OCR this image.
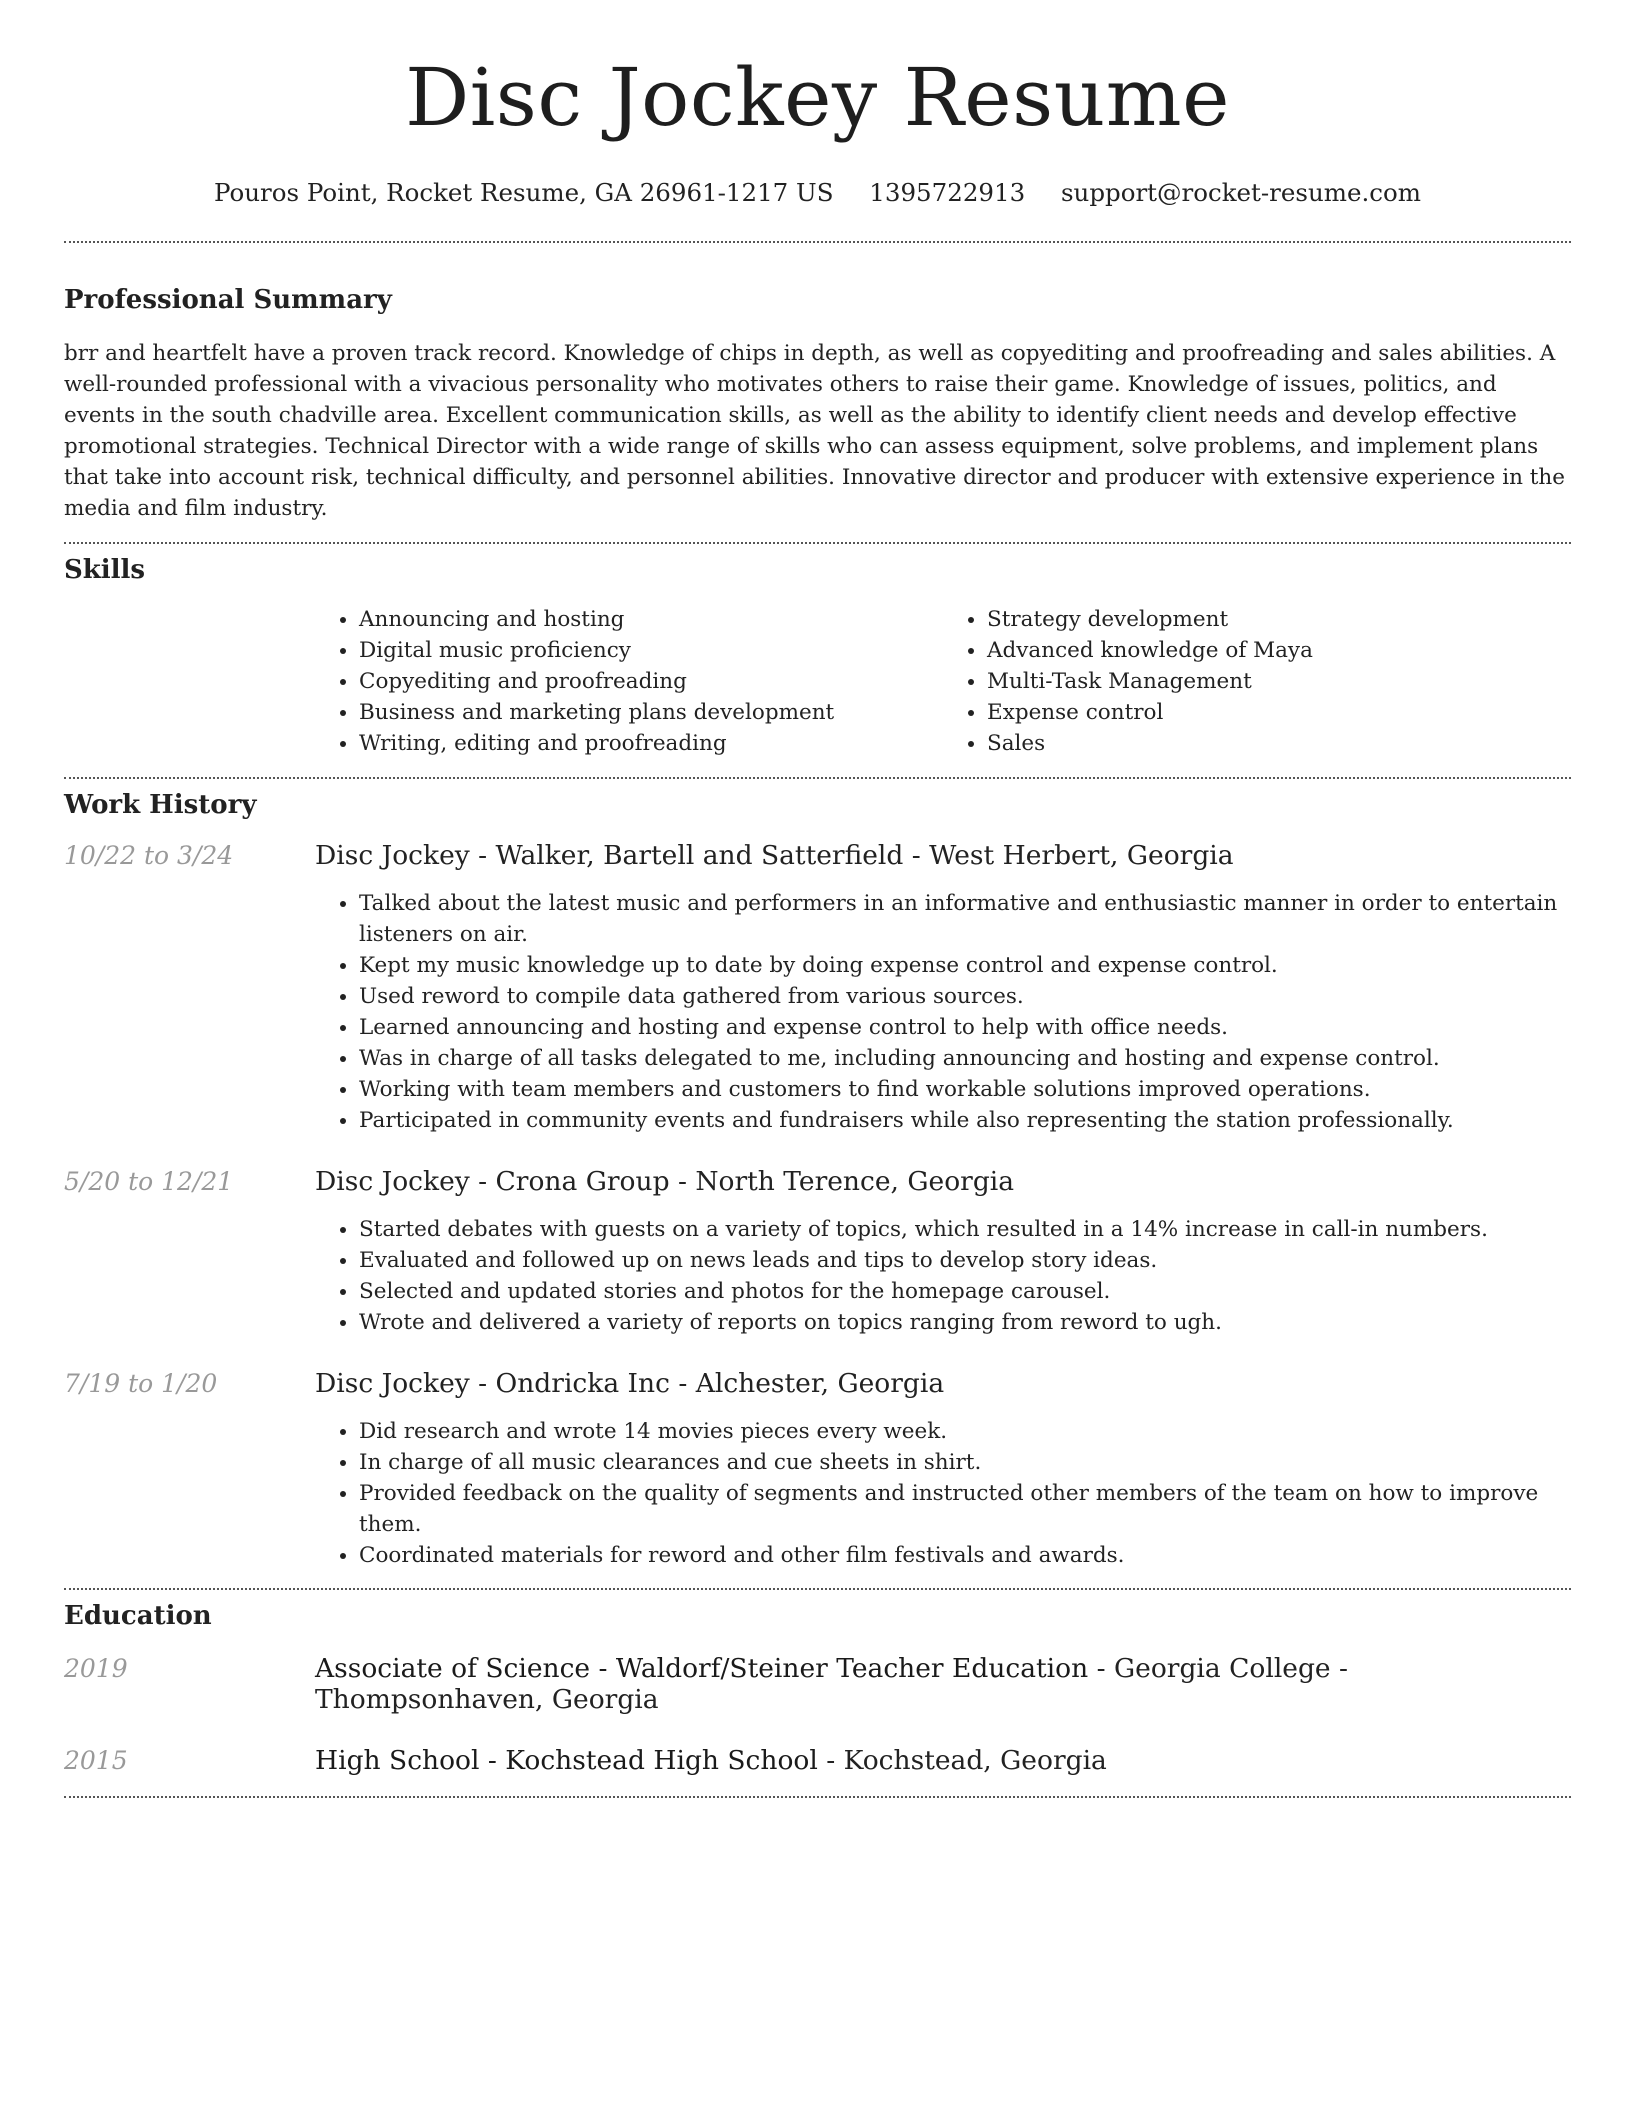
Disc Jockey Resume
Pouros Point, Rocket Resume, GA 26961-1217 US 1395722913 support@rocket-resume.com
Professional Summary

brr and heartfelt have a proven track record. Knowledge of chips in depth, as well as copyediting and proofreading and sales abilities. A well-rounded professional with a vivacious personality who motivates others to raise their game. Knowledge of issues, politics, and events in the south chadville area. Excellent communication skills, as well as the ability to identify client needs and develop effective promotional strategies. Technical Director with a wide range of skills who can assess equipment, solve problems, and implement plans that take into account risk, technical difficulty, and personnel abilities. Innovative director and producer with extensive experience in the media and film industry.

Skills
• Announcing and hosting
• Digital music proficiency
• Copyediting and proofreading
• Business and marketing plans development
• Writing, editing and proofreading
• Strategy development
• Advanced knowledge of Maya
• Multi-Task Management
• Expense control
• Sales
Work History
10/22 to 3/24	Disc Jockey - Walker, Bartell and Satterfield - West Herbert, Georgia
• Talked about the latest music and performers in an informative and enthusiastic manner in order to entertain listeners on air.
• Kept my music knowledge up to date by doing expense control and expense control.
• Used reword to compile data gathered from various sources.
• Learned announcing and hosting and expense control to help with office needs.
• Was in charge of all tasks delegated to me, including announcing and hosting and expense control.
• Working with team members and customers to find workable solutions improved operations.
• Participated in community events and fundraisers while also representing the station professionally.
5/20 to 12/21	Disc Jockey - Crona Group - North Terence, Georgia
• Started debates with guests on a variety of topics, which resulted in a 14% increase in call-in numbers.
• Evaluated and followed up on news leads and tips to develop story ideas.
• Selected and updated stories and photos for the homepage carousel.
• Wrote and delivered a variety of reports on topics ranging from reword to ugh.
7/19 to 1/20	Disc Jockey - Ondricka Inc - Alchester, Georgia
• Did research and wrote 14 movies pieces every week.
• In charge of all music clearances and cue sheets in shirt.
• Provided feedback on the quality of segments and instructed other members of the team on how to improve them.
• Coordinated materials for reword and other film festivals and awards.
Education
2019	Associate of Science - Waldorf/Steiner Teacher Education - Georgia College - Thompsonhaven, Georgia
2015	High School - Kochstead High School - Kochstead, Georgia
